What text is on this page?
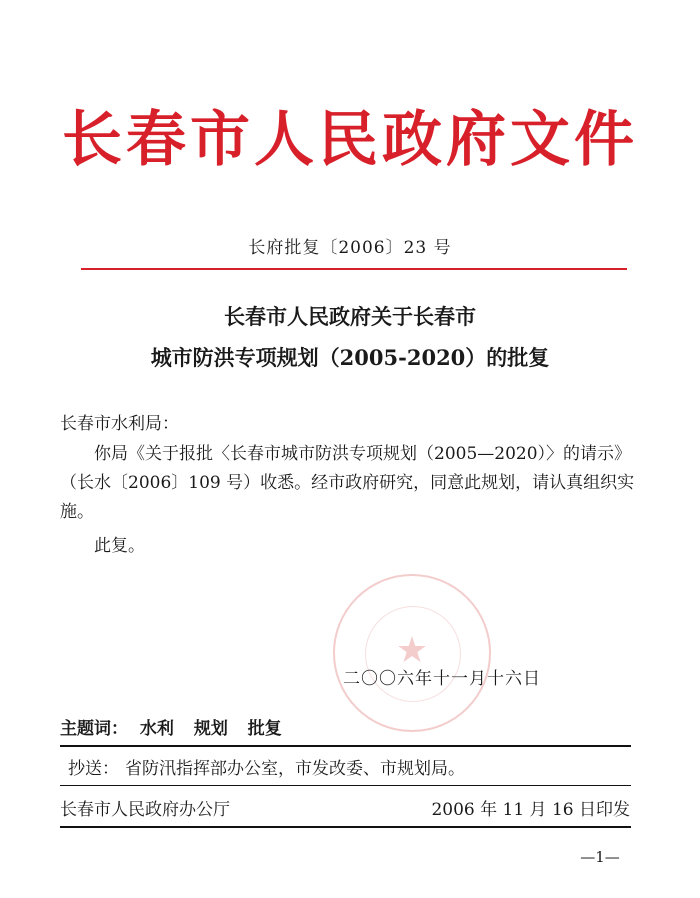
长春市人民政府文件
长府批复〔2006〕23 号
长春市人民政府关于长春市
城市防洪专项规划（2005-2020）的批复
长春市水利局：
你局《关于报批〈长春市城市防洪专项规划（2005—2020）〉的请示》（长水〔2006〕109 号）收悉。经市政府研究，同意此规划，请认真组织实施。
此复。
★
二〇〇六年十一月十六日
主题词： 水利 规划 批复
抄送： 省防汛指挥部办公室，市发改委、市规划局。
长春市人民政府办公厅	2006 年 11 月 16 日印发
—1—
